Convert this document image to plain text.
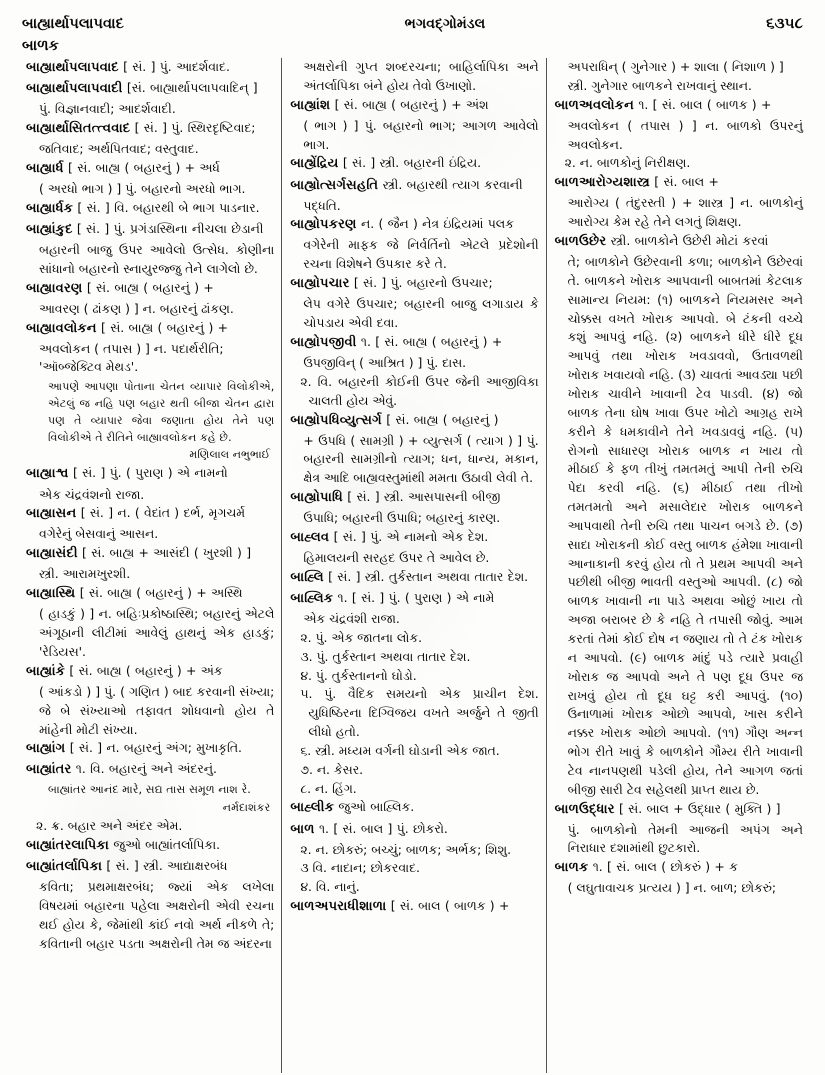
બાહ્યાર્થાપલાપવાદ	ભગવદ્ગોમંડલ	૬૩૫૮
બાળક

બાહ્યાર્થાપલાપવાદ [ સં. ] પું. આદર્શવાદ.

બાહ્યાર્થાપલાપવાદી [સં. બાહ્યાર્થાપલાપવાદિન્ ]

પું. વિજ્ઞાનવાદી; આદર્શવાદી.

બાહ્યાર્થાસિતત્ત્વવાદ [ સં. ] પું. સ્થિરદૃષ્ટિવાદ;

જતિવાદ; અર્થપિતવાદ; વસ્તુવાદ.

બાહ્યાર્ધ [ સં. બાહ્ય ( બહારનું ) + અર્ધ

( અરધો ભાગ ) ] પું. બહારનો અરધો ભાગ.

બાહ્યાર્ધક [ સં. ] વિ. બહારથી બે ભાગ પાડનાર.

બાહ્યાંકુદ [ સં. ] પું. પ્રગંડાસ્થિના નીચલા છેડાની

બહારની બાજુ ઉપર આવેલો ઉત્સેધ. કોણીના સાંધાનો બહારનો સ્નાયુરજ્જુ તેને લાગેલો છે.

બાહ્યાવરણ [ સં. બાહ્ય ( બહારનું ) +

આવરણ ( ઢાંકણ ) ] ન. બહારનું ઢાંકણ.

બાહ્યાવલોકન [ સં. બાહ્ય ( બહારનું ) +

અવલોકન ( તપાસ ) ] ન. પદાર્થરીતિ;

'ઑબ્જેક્ટિવ મેથડ'.

આપણે આપણા પોતાના ચેતન વ્યાપાર વિલોકીએ, એટલું જ નહિ પણ બહાર થતી બીજા ચેતન દ્વારા પણ તે વ્યાપાર જેવા જણાતા હોય તેને પણ વિલોકીએ તે રીતિને બાહ્યાવલોકન કહે છે.

મણિલાલ નભુભાઈ

બાહ્યાશ્વ [ સં. ] પું. ( પુરાણ ) એ નામનો

એક ચંદ્રવંશનો રાજા.

બાહ્યાસન [ સં. ] ન. ( વેદાંત ) દર્ભ, મૃગચર્મ

વગેરેનું બેસવાનું આસન.

બાહ્યાસંદી [ સં. બાહ્ય + આસંદી ( ખુરશી ) ]

સ્ત્રી. આરામખુરશી.

બાહ્યાસ્થિ [ સં. બાહ્ય ( બહારનું ) + અસ્થિ

( હાડકું ) ] ન. બહિઃપ્રકોષ્ઠાસ્થિ; બહારનું એટલે અંગૂઠાની લીટીમાં આવેલું હાથનું એક હાડકું; 'રેડિયસ'.

બાહ્યાંકે [ સં. બાહ્ય ( બહારનું ) + અંક

( આંકડો ) ] પું. ( ગણિત ) બાદ કરવાની સંખ્યા; જે બે સંખ્યાઓ તફાવત શોધવાનો હોય તે માંહેની મોટી સંખ્યા.

બાહ્યાંગ [ સં. ] ન. બહારનું અંગ; મુખાકૃતિ.

બાહ્યાંતર ૧. વિ. બહારનું અને અંદરનું.

બાહ્યાંતર આનંદ મારે, સદ્ય તાસ સમૂળ નાશ રે.

નર્મદાશંકર

૨. ક્ર. બહાર અને અંદર એમ.

બાહ્યાંતરલાપિકા જુઓ બાહ્યાંતર્લાપિકા.

બાહ્યાંતર્લાપિકા [ સં. ] સ્ત્રી. આદ્યાક્ષરબંધ

કવિતા; પ્રથમાક્ષરબંધ; જ્યાં એક લખેલા વિષયમાં બહારના પહેલા અક્ષરોની એવી રચના થઈ હોય કે, જેમાંથી કાંઈ નવો અર્થ નીકળે તે; કવિતાની બહાર પડતા અક્ષરોની તેમ જ અંદરના

અક્ષરોની ગુપ્ત શબ્દરચના; બાહિર્લાપિકા અને અંતર્લાપિકા બંને હોય તેવો ઉખાણો.

બાહ્યાંશ [ સં. બાહ્ય ( બહારનું ) + અંશ

( ભાગ ) ] પું. બહારનો ભાગ; આગળ આવેલો ભાગ.

બાહ્યેંદ્રિય [ સં. ] સ્ત્રી. બહારની ઇંદ્રિય.

બાહ્યોત્સર્ગસહતિ સ્ત્રી. બહારથી ત્યાગ કરવાની

પદ્ધતિ.

બાહ્યોપકરણ ન. ( જૈન ) નેત્ર ઇંદ્રિયમાં પલક

વગેરેની માફક જે નિર્વર્તિનો એટલે પ્રદેશોની રચના વિશેષને ઉપકાર કરે તે.

બાહ્યોપચાર [ સં. ] પું. બહારનો ઉપચાર;

લેપ વગેરે ઉપચાર; બહારની બાજુ લગાડાય કે ચોપડાય એવી દવા.

બાહ્યોપજીવી ૧. [ સં. બાહ્ય ( બહારનું ) +

ઉપજીવિન્ ( આશ્રિત ) ] પું. દાસ.

૨. વિ. બહારની કોઈની ઉપર જેની આજીવિકા ચાલતી હોય એવું.

બાહ્યોપધિવ્યુત્સર્ગ [ સં. બાહ્ય ( બહારનું )

+ ઉપધિ ( સામગ્રી ) + વ્યુત્સર્ગ ( ત્યાગ ) ] પું. બહારની સામગ્રીનો ત્યાગ; ધન, ધાન્ય, મકાન, ક્ષેત્ર આદિ બાહ્યવસ્તુમાંથી મમતા ઉઠાવી લેવી તે.

બાહ્યોપાધિ [ સં. ] સ્ત્રી. આસપાસની બીજી

ઉપાધિ; બહારની ઉપાધિ; બહારનું કારણ.

બાહ્લવ [ સં. ] પું. એ નામનો એક દેશ.

હિમાલયની સરહદ ઉપર તે આવેલ છે.

બાહ્લિ [ સં. ] સ્ત્રી. તુર્કસ્તાન અથવા તાતાર દેશ.

બાહ્લિક ૧. [ સં. ] પું. ( પુરાણ ) એ નામે

એક ચંદ્રવંશી રાજા.

૨. પું. એક જાતના લોક.

૩. પું. તુર્કસ્તાન અથવા તાતાર દેશ.

૪. પું. તુર્કસ્તાનનો ઘોડો.

૫. પું. વૈદિક સમયનો એક પ્રાચીન દેશ. યુધિષ્ઠિરના દિગ્વિજય વખતે અર્જુને તે જીતી લીધો હતો.

૬. સ્ત્રી. મધ્યમ વર્ગની ઘોડાની એક જાત.

૭. ન. કેસર.

૮. ન. હિંગ.

બાહ્લીક જુઓ બાહ્લિક.

બાળ ૧. [ સં. બાલ ] પું. છોકરો.

૨. ન. છોકરું; બચ્ચું; બાળક; અર્ભક; શિશુ.

૩ વિ. નાદાન; છોકરવાદ.

૪. વિ. નાનું.

બાળઅપરાધીશાળા [ સં. બાલ ( બાળક ) +

અપરાધિન્ ( ગુનેગાર ) + શાલા ( નિશાળ ) ]

સ્ત્રી. ગુનેગાર બાળકને રાખવાનું સ્થાન.

બાળઅવલોકન ૧. [ સં. બાલ ( બાળક ) +

અવલોકન ( તપાસ ) ] ન. બાળકો ઉપરનું અવલોકન.

૨. ન. બાળકોનું નિરીક્ષણ.

બાળઆરોગ્યશાસ્ત્ર [ સં. બાલ +

આરોગ્ય ( તંદુરસ્તી ) + શાસ્ત્ર ] ન. બાળકોનું આરોગ્ય કેમ રહે તેને લગતું શિક્ષણ.

બાળઉછેર સ્ત્રી. બાળકોને ઉછેરી મોટાં કરવાં

તે; બાળકોને ઉછેરવાની કળા; બાળકોને ઉછેરવાં તે. બાળકને ખોરાક આપવાની બાબતમાં કેટલાક સામાન્ય નિયમ: (૧) બાળકને નિયમસર અને ચોક્કસ વખતે ખોરાક આપવો. બે ટંકની વચ્ચે કશું આપવું નહિ. (૨) બાળકને ધીરે ધીરે દૂધ આપવું તથા ખોરાક ખવડાવવો, ઉતાવળથી ખોરાક ખવાયવો નહિ. (૩) ચાવતાં આવડ્યા પછી ખોરાક ચાવીને ખાવાની ટેવ પાડવી. (૪) જો બાળક તેના ઘોષ ખાવા ઉપર ખોટો આગ્રહ રાખે કરીને કે ધમકાવીને તેને ખવડાવવું નહિ. (૫) રોગનો સાધારણ ખોરાક બાળક ન ખાય તો મીઠાઈ કે ફળ તીખું તમતમતું આપી તેની રુચિ પેદા કરવી નહિ. (૬) મીઠાઈ તથા તીખો તમતમતો અને મસાલેદાર ખોરાક બાળકને આપવાથી તેની રુચિ તથા પાચન બગડે છે. (૭) સાદા ખોરાકની કોઈ વસ્તુ બાળક હંમેશા ખાવાની આનાકાની કરવું હોય તો તે પ્રથમ આપવી અને પછીથી બીજી ભાવતી વસ્તુઓ આપવી. (૮) જો બાળક ખાવાની ના પાડે અથવા ઓછું ખાય તો અજા બરાબર છે કે નહિ તે તપાસી જોવું. આમ કરતાં તેમાં કોઈ દોષ ન જણાય તો તે ટંક ખોરાક ન આપવો. (૯) બાળક માંદું પડે ત્યારે પ્રવાહી ખોરાક જ આપવો અને તે પણ દૂધ ઉપર જ રાખવું હોય તો દૂધ ઘટ્ટ કરી આપવું. (૧૦) ઉનાળામાં ખોરાક ઓછો આપવો, ખાસ કરીને નક્કર ખોરાક ઓછો આપવો. (૧૧) ગૌણ અન્ન ભોગ રીતે ખાવું કે બાળકોને ગૌમ્ય રીતે ખાવાની ટેવ નાનપણથી પડેલી હોય, તેને આગળ જતાં બીજી સારી ટેવ સહેલથી પ્રાપ્ત થાય છે.

બાળઉદ્ધાર [ સં. બાલ + ઉદ્ધાર ( મુક્તિ ) ]

પું. બાળકોનો તેમની આજની અપંગ અને નિરાધાર દશામાંથી છુટકારો.

બાળક ૧. [ સં. બાલ ( છોકરું ) + ક

( લઘુતાવાચક પ્રત્યય ) ] ન. બાળ; છોકરું;
